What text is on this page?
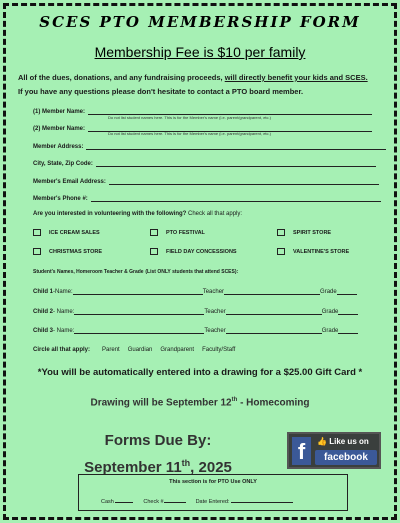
SCES PTO MEMBERSHIP FORM
Membership Fee is $10 per family
All of the dues, donations, and any fundraising proceeds, will directly benefit your kids and SCES.
If you have any questions please don't hesitate to contact a PTO board member.
(1) Member Name:
Do not list student names here. This is for the Member's name (i.e. parent/grandparent, etc.)
(2) Member Name:
Do not list student names here. This is for the Member's name (i.e. parent/grandparent, etc.)
Member Address:
City, State, Zip Code:
Member's Email Address:
Member's Phone #:
Are you interested in volunteering with the following? Check all that apply:
ICE CREAM SALES	PTO FESTIVAL	SPIRIT STORE
CHRISTMAS STORE	FIELD DAY CONCESSIONS	VALENTINE'S STORE
Student's Names, Homeroom Teacher & Grade (List ONLY students that attend SCES):
Child 1 -Name:	Teacher	Grade
Child 2 - Name:	Teacher	Grade
Child 3 - Name:	Teacher	Grade
Circle all that apply: Parent Guardian Grandparent Faculty/Staff
*You will be automatically entered into a drawing for a $25.00 Gift Card *
Drawing will be September 12th - Homecoming
Forms Due By:
September 11th, 2025
f	👍 Like us on
facebook
This section is for PTO Use ONLY
Cash	Check #	Date Entered:
